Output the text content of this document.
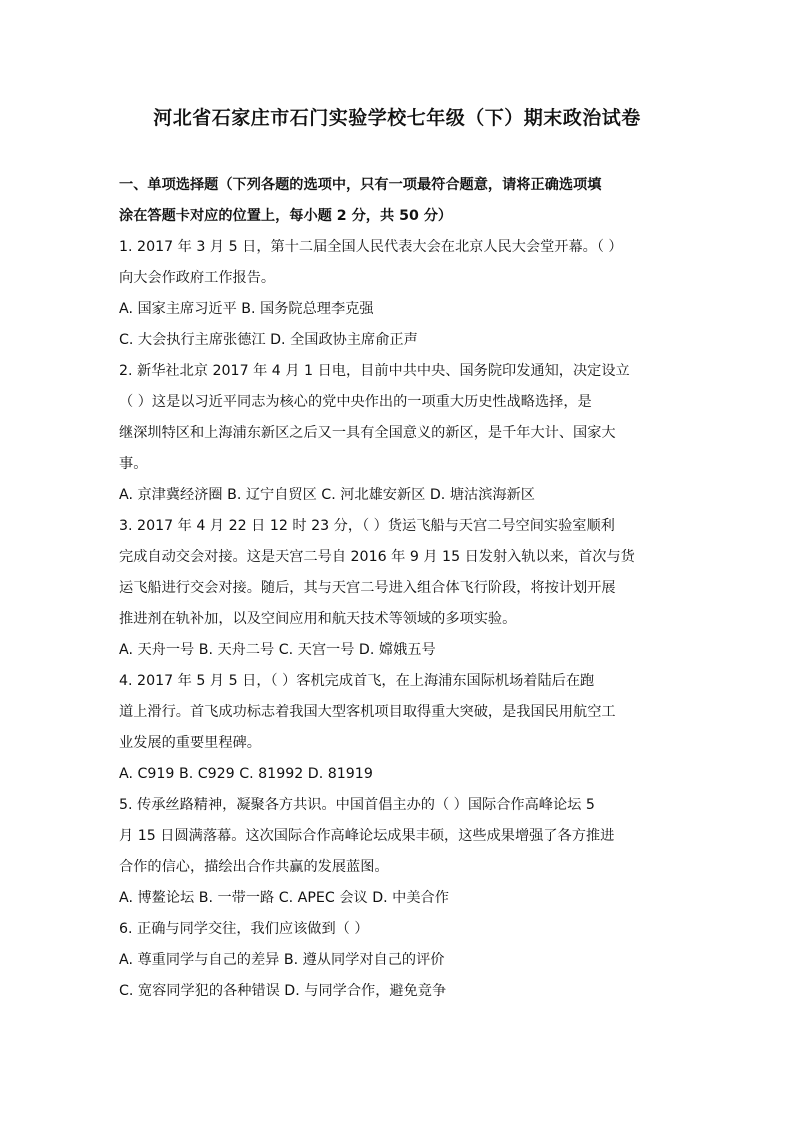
河北省石家庄市石门实验学校七年级（下）期末政治试卷
一、单项选择题（下列各题的选项中，只有一项最符合题意，请将正确选项填
涂在答题卡对应的位置上，每小题 2 分，共 50 分）
1. 2017 年 3 月 5 日，第十二届全国人民代表大会在北京人民大会堂开幕。（ ）
向大会作政府工作报告。
A. 国家主席习近平 B. 国务院总理李克强
C. 大会执行主席张德江 D. 全国政协主席俞正声
2. 新华社北京 2017 年 4 月 1 日电，目前中共中央、国务院印发通知，决定设立
（ ）这是以习近平同志为核心的党中央作出的一项重大历史性战略选择，是
继深圳特区和上海浦东新区之后又一具有全国意义的新区，是千年大计、国家大
事。
A. 京津冀经济圈 B. 辽宁自贸区 C. 河北雄安新区 D. 塘沽滨海新区
3. 2017 年 4 月 22 日 12 时 23 分，（ ）货运飞船与天宫二号空间实验室顺利
完成自动交会对接。这是天宫二号自 2016 年 9 月 15 日发射入轨以来，首次与货
运飞船进行交会对接。随后，其与天宫二号进入组合体飞行阶段，将按计划开展
推进剂在轨补加，以及空间应用和航天技术等领域的多项实验。
A. 天舟一号 B. 天舟二号 C. 天宫一号 D. 嫦娥五号
4. 2017 年 5 月 5 日，（ ）客机完成首飞，在上海浦东国际机场着陆后在跑
道上滑行。首飞成功标志着我国大型客机项目取得重大突破，是我国民用航空工
业发展的重要里程碑。
A. C919 B. C929 C. 81992 D. 81919
5. 传承丝路精神，凝聚各方共识。中国首倡主办的（ ）国际合作高峰论坛 5
月 15 日圆满落幕。这次国际合作高峰论坛成果丰硕，这些成果增强了各方推进
合作的信心，描绘出合作共赢的发展蓝图。
A. 博鳌论坛 B. 一带一路 C. APEC 会议 D. 中美合作
6. 正确与同学交往，我们应该做到（ ）
A. 尊重同学与自己的差异 B. 遵从同学对自己的评价
C. 宽容同学犯的各种错误 D. 与同学合作，避免竞争
